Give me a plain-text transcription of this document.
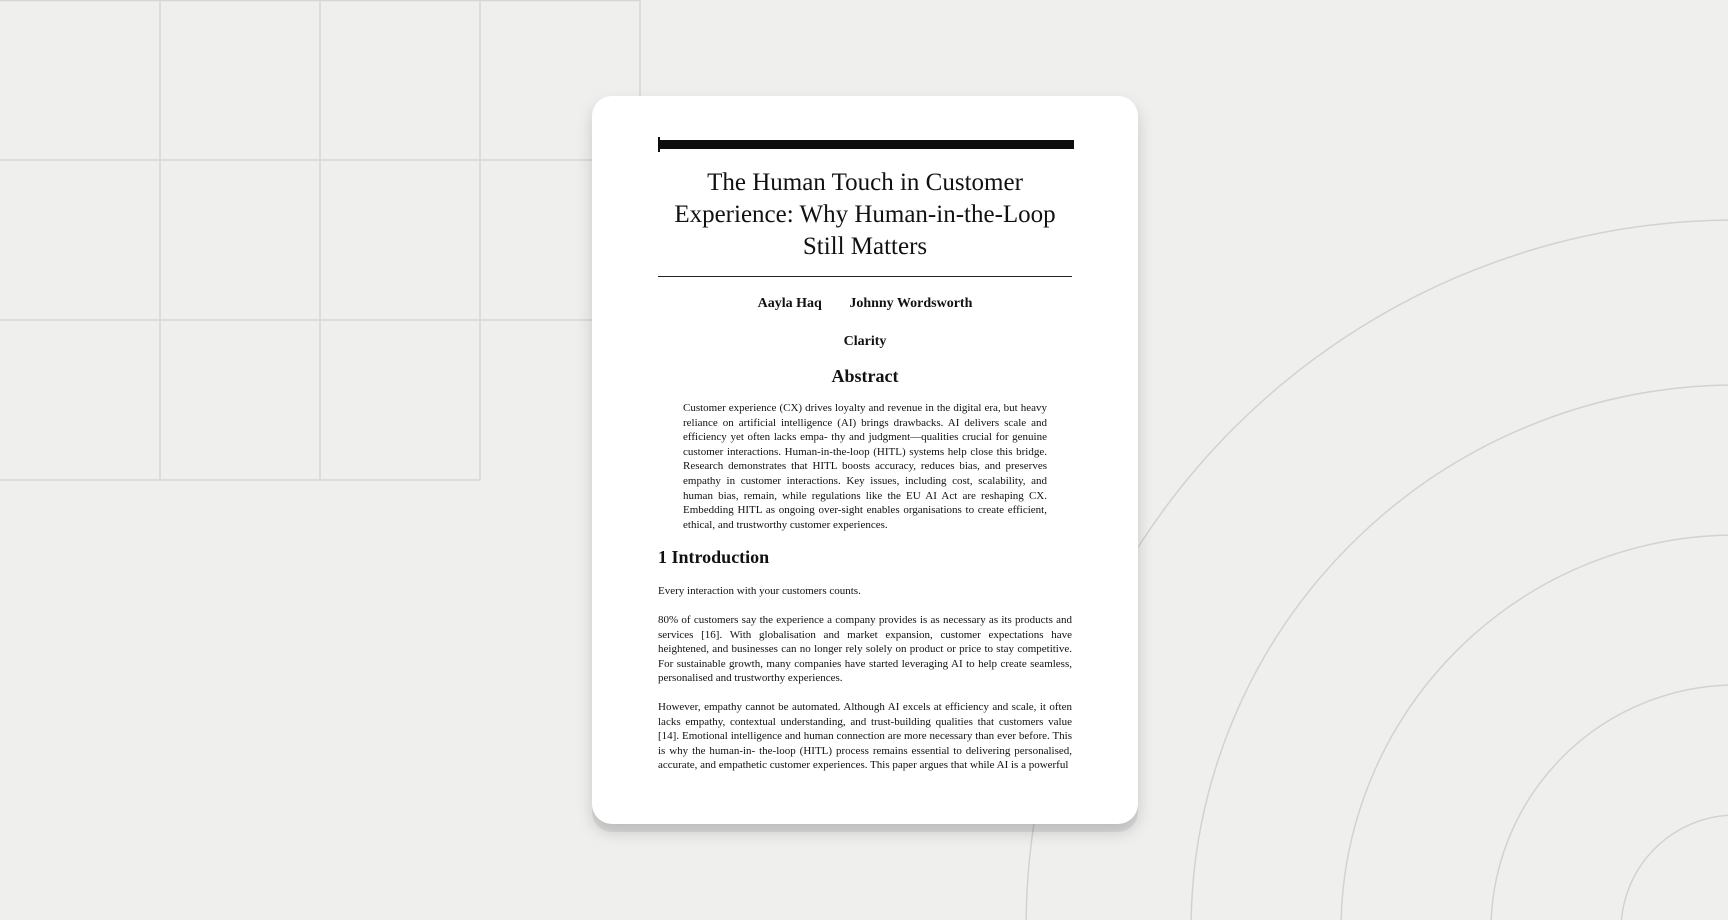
The Human Touch in Customer Experience: Why Human-in-the-Loop Still Matters
Aayla Haq Johnny Wordsworth
Clarity
Abstract

Customer experience (CX) drives loyalty and revenue in the digital era, but heavy reliance on artificial intelligence (AI) brings drawbacks. AI delivers scale and efficiency yet often lacks empa- thy and judgment—qualities crucial for genuine customer interactions. Human-in-the-loop (HITL) systems help close this bridge. Research demonstrates that HITL boosts accuracy, reduces bias, and preserves empathy in customer interactions. Key issues, including cost, scalability, and human bias, remain, while regulations like the EU AI Act are reshaping CX. Embedding HITL as ongoing over-sight enables organisations to create efficient, ethical, and trustworthy customer experiences.

1 Introduction

Every interaction with your customers counts.

80% of customers say the experience a company provides is as necessary as its products and services [16]. With globalisation and market expansion, customer expectations have heightened, and businesses can no longer rely solely on product or price to stay competitive. For sustainable growth, many companies have started leveraging AI to help create seamless, personalised and trustworthy experiences.

However, empathy cannot be automated. Although AI excels at efficiency and scale, it often lacks empathy, contextual understanding, and trust-building qualities that customers value [14]. Emotional intelligence and human connection are more necessary than ever before. This is why the human-in- the-loop (HITL) process remains essential to delivering personalised, accurate, and empathetic customer experiences. This paper argues that while AI is a powerful
